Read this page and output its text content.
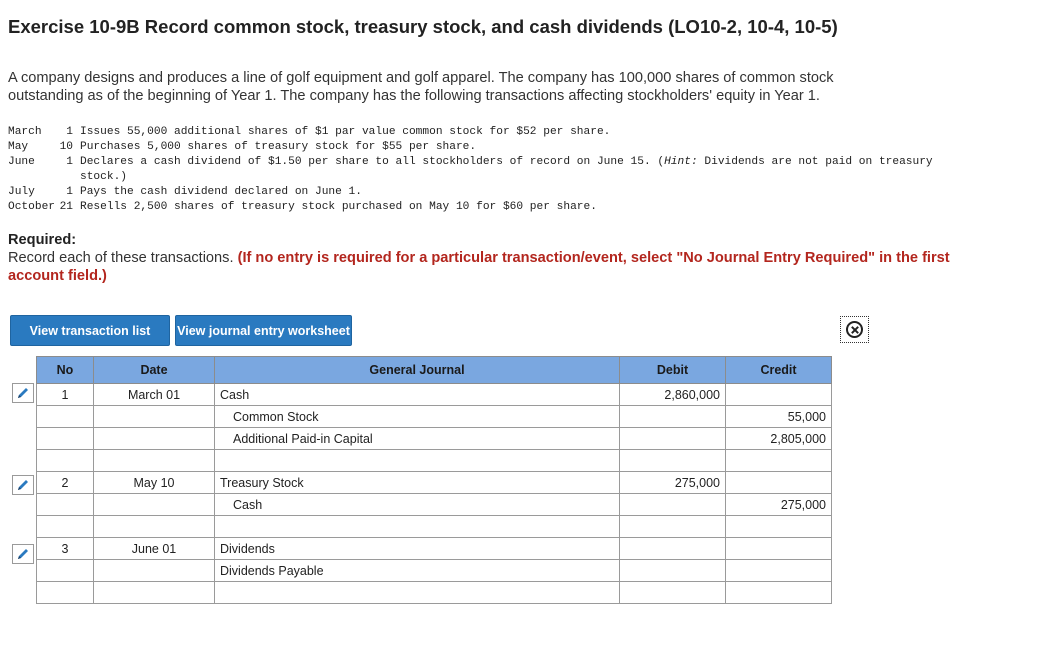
Exercise 10-9B Record common stock, treasury stock, and cash dividends (LO10-2, 10-4, 10-5)

A company designs and produces a line of golf equipment and golf apparel. The company has 100,000 shares of common stock

outstanding as of the beginning of Year 1. The company has the following transactions affecting stockholders' equity in Year 1.

March	1 Issues 55,000 additional shares of $1 par value common stock for $52 per share.
May	10 Purchases 5,000 shares of treasury stock for $55 per share.
June	1 Declares a cash dividend of $1.50 per share to all stockholders of record on June 15. (Hint: Dividends are not paid on treasury stock.)
July	1 Pays the cash dividend declared on June 1.
October 21 Resells 2,500 shares of treasury stock purchased on May 10 for $60 per share.
Required:
Record each of these transactions. (If no entry is required for a particular transaction/event, select "No Journal Entry Required" in the first account field.)
View transaction list	View journal entry worksheet
No	Date	General Journal	Debit	Credit
1	March 01	Cash	2,860,000	
		Common Stock		55,000
		Additional Paid-in Capital		2,805,000

2	May 10	Treasury Stock	275,000	
		Cash		275,000

3	June 01	Dividends		
		Dividends Payable		
